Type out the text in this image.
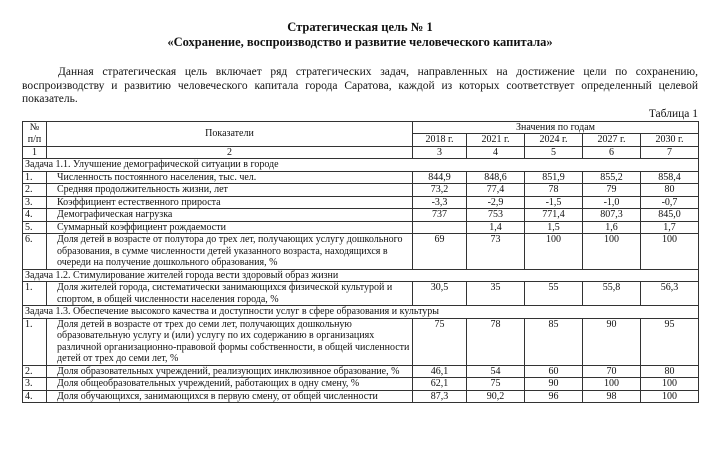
Стратегическая цель № 1
«Сохранение, воспроизводство и развитие человеческого капитала»
Данная стратегическая цель включает ряд стратегических задач, направленных на достижение цели по сохранению, воспроизводству и развитию человеческого капитала города Саратова, каждой из которых соответствует определенный целевой показатель.
Таблица 1
№ п/п	Показатели	Значения по годам				
		2018 г.	2021 г.	2024 г.	2027 г.	2030 г.
1	2	3	4	5	6	7
Задача 1.1. Улучшение демографической ситуации в городе						
1.	Численность постоянного населения, тыс. чел.	844,9	848,6	851,9	855,2	858,4
2.	Средняя продолжительность жизни, лет	73,2	77,4	78	79	80
3.	Коэффициент естественного прироста	-3,3	-2,9	-1,5	-1,0	-0,7
4.	Демографическая нагрузка	737	753	771,4	807,3	845,0
5.	Суммарный коэффициент рождаемости		1,4	1,5	1,6	1,7
6.	Доля детей в возрасте от полутора до трех лет, получающих услугу дошкольного образования, в сумме численности детей указанного возраста, находящихся в очереди на получение дошкольного образования, %	69	73	100	100	100
Задача 1.2. Стимулирование жителей города вести здоровый образ жизни						
1.	Доля жителей города, систематически занимающихся физической культурой и спортом, в общей численности населения города, %	30,5	35	55	55,8	56,3
Задача 1.3. Обеспечение высокого качества и доступности услуг в сфере образования и культуры						
1.	Доля детей в возрасте от трех до семи лет, получающих дошкольную образовательную услугу и (или) услугу по их содержанию в организациях различной организационно-правовой формы собственности, в общей численности детей от трех до семи лет, %	75	78	85	90	95
2.	Доля образовательных учреждений, реализующих инклюзивное образование, %	46,1	54	60	70	80
3.	Доля общеобразовательных учреждений, работающих в одну смену, %	62,1	75	90	100	100
4.	Доля обучающихся, занимающихся в первую смену, от общей численности	87,3	90,2	96	98	100
